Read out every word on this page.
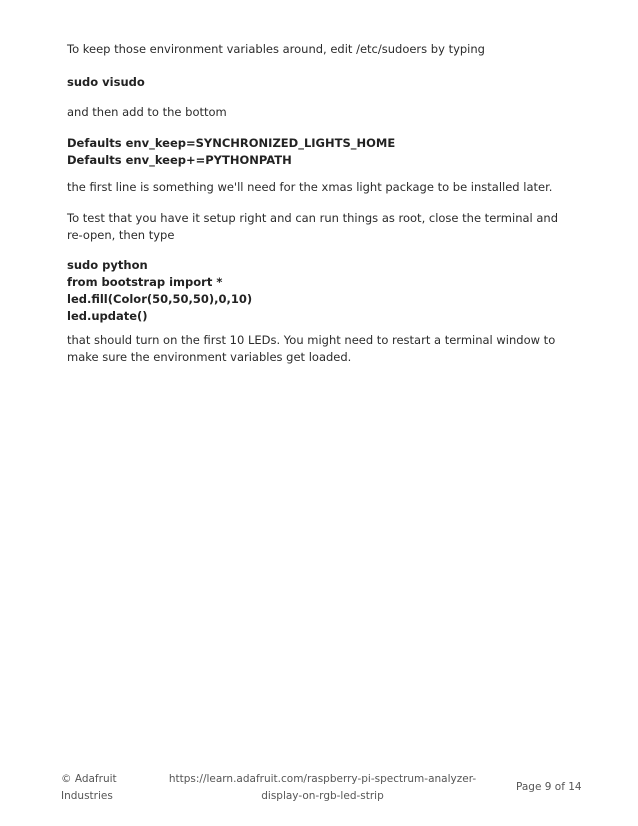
To keep those environment variables around, edit /etc/sudoers by typing

sudo visudo

and then add to the bottom

Defaults env_keep=SYNCHRONIZED_LIGHTS_HOME
Defaults env_keep+=PYTHONPATH

the first line is something we'll need for the xmas light package to be installed later.

To test that you have it setup right and can run things as root, close the terminal and re-open, then type

sudo python
from bootstrap import *
led.fill(Color(50,50,50),0,10)
led.update()

that should turn on the first 10 LEDs. You might need to restart a terminal window to make sure the environment variables get loaded.

© Adafruit Industries
https://learn.adafruit.com/raspberry-pi-spectrum-analyzer-display-on-rgb-led-strip
Page 9 of 14
